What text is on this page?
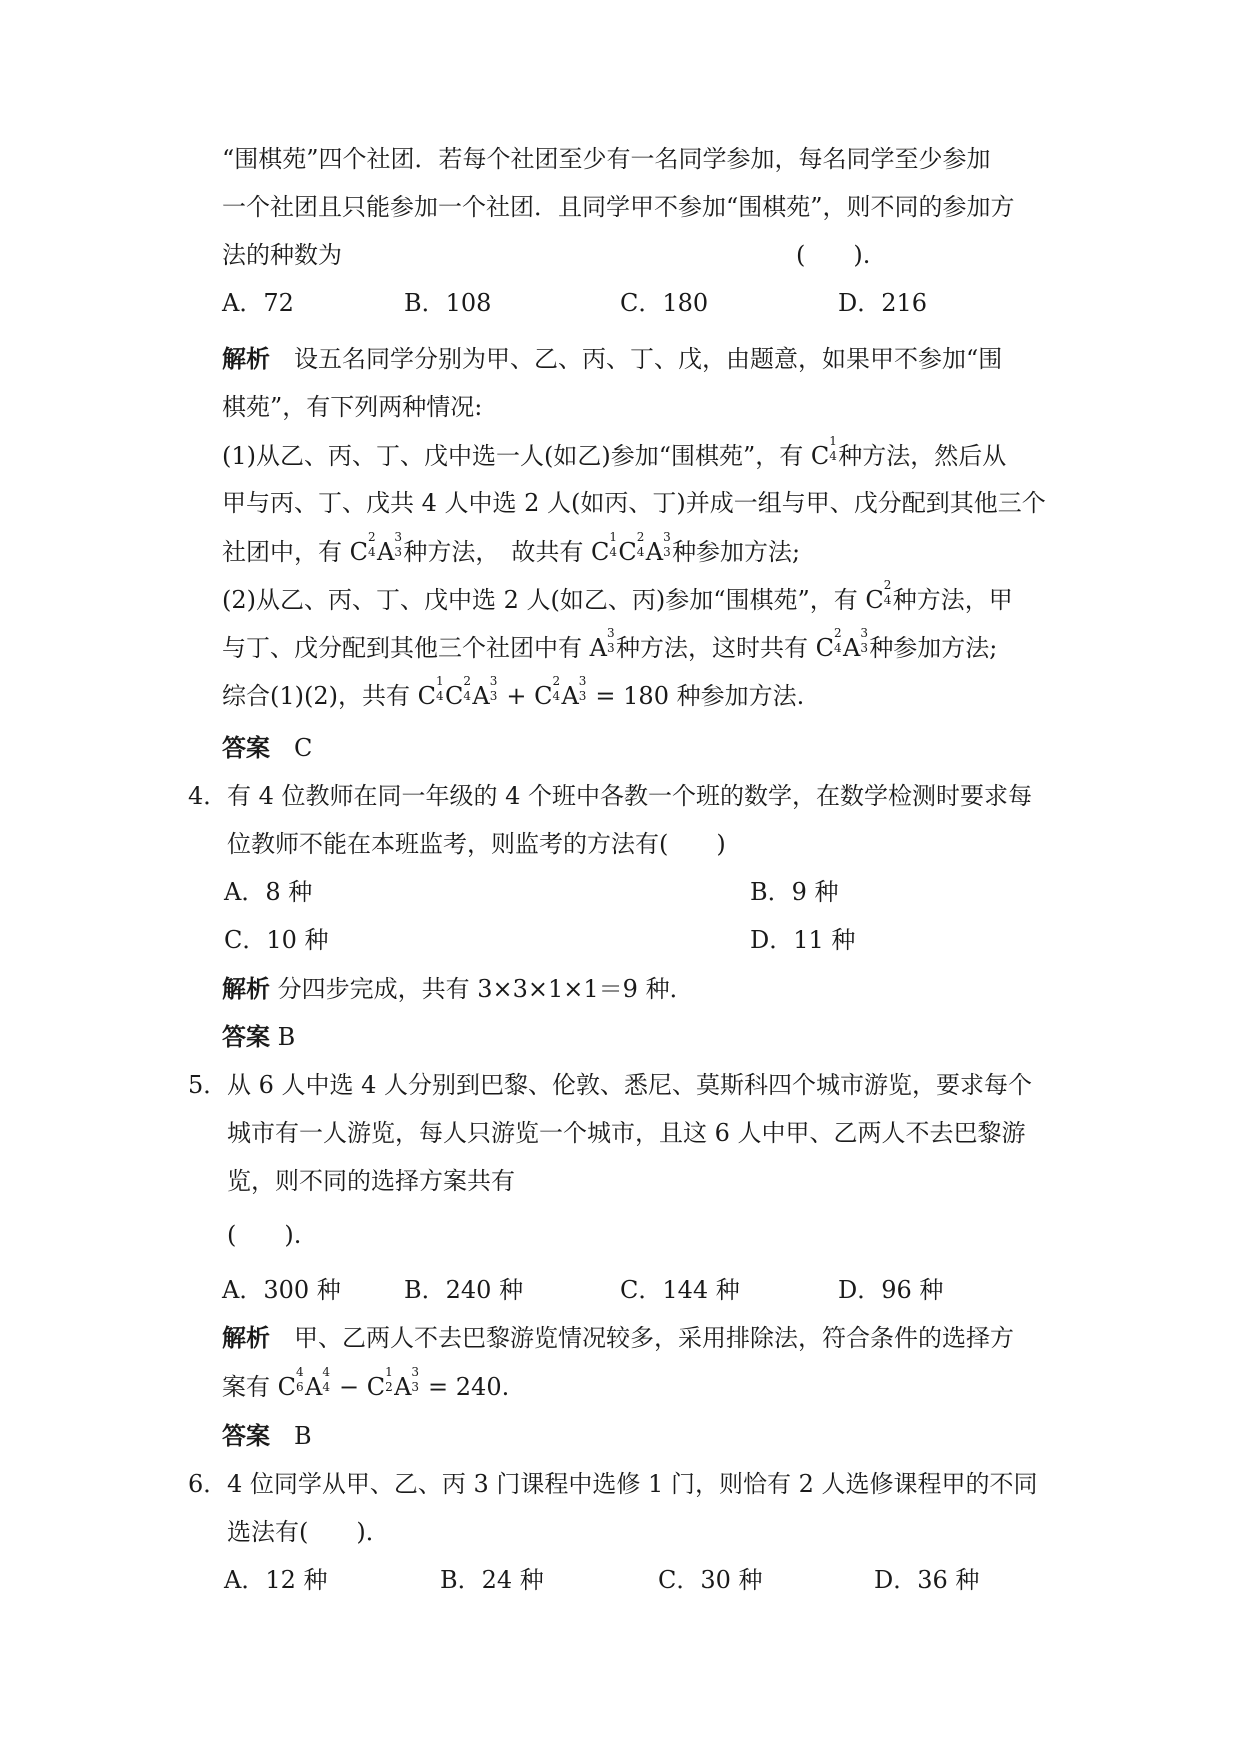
“围棋苑”四个社团．若每个社团至少有一名同学参加，每名同学至少参加
一个社团且只能参加一个社团．且同学甲不参加“围棋苑”，则不同的参加方
法的种数为	(　　).
A．72	B．108	C．180	D．216
解析　 设五名同学分别为甲、乙、丙、丁、戊，由题意，如果甲不参加“围
棋苑”，有下列两种情况:
(1)从乙、丙、丁、戊中选一人(如乙)参加“围棋苑”，有 C
1
4 种方法，然后从
甲与丙、丁、戊共 4 人中选 2 人(如丙、丁)并成一组与甲、戊分配到其他三个
社团中，有 C
2
4 A
3
3 种方法，　故共有 C
1
4 C
2
4 A
3
3 种参加方法;
(2)从乙、丙、丁、戊中选 2 人(如乙、丙)参加“围棋苑”，有 C
2
4 种方法，甲
与丁、戊分配到其他三个社团中有 A
3
3 种方法，这时共有 C
2
4 A
3
3 种参加方法;
综合(1)(2)，共有 C
1
4 C
2
4 A
3
3 + C
2
4 A
3
3 = 180 种参加方法.
答案　 C
4． 有 4 位教师在同一年级的 4 个班中各教一个班的数学，在数学检测时要求每
位教师不能在本班监考，则监考的方法有(　　)
A．8 种	B．9 种
C．10 种	D．11 种
解析 分四步完成，共有 3×3×1×1＝9 种．
答案 B
5． 从 6 人中选 4 人分别到巴黎、伦敦、悉尼、莫斯科四个城市游览，要求每个
城市有一人游览，每人只游览一个城市，且这 6 人中甲、乙两人不去巴黎游
览，则不同的选择方案共有
(　　).
A．300 种	B．240 种	C．144 种	D．96 种
解析　 甲、乙两人不去巴黎游览情况较多，采用排除法，符合条件的选择方
案有 C
4
6 A
4
4 − C
1
2 A
3
3 = 240.
答案　 B
6． 4 位同学从甲、乙、丙 3 门课程中选修 1 门，则恰有 2 人选修课程甲的不同
选法有(　　)．
A．12 种	B．24 种	C．30 种	D．36 种
